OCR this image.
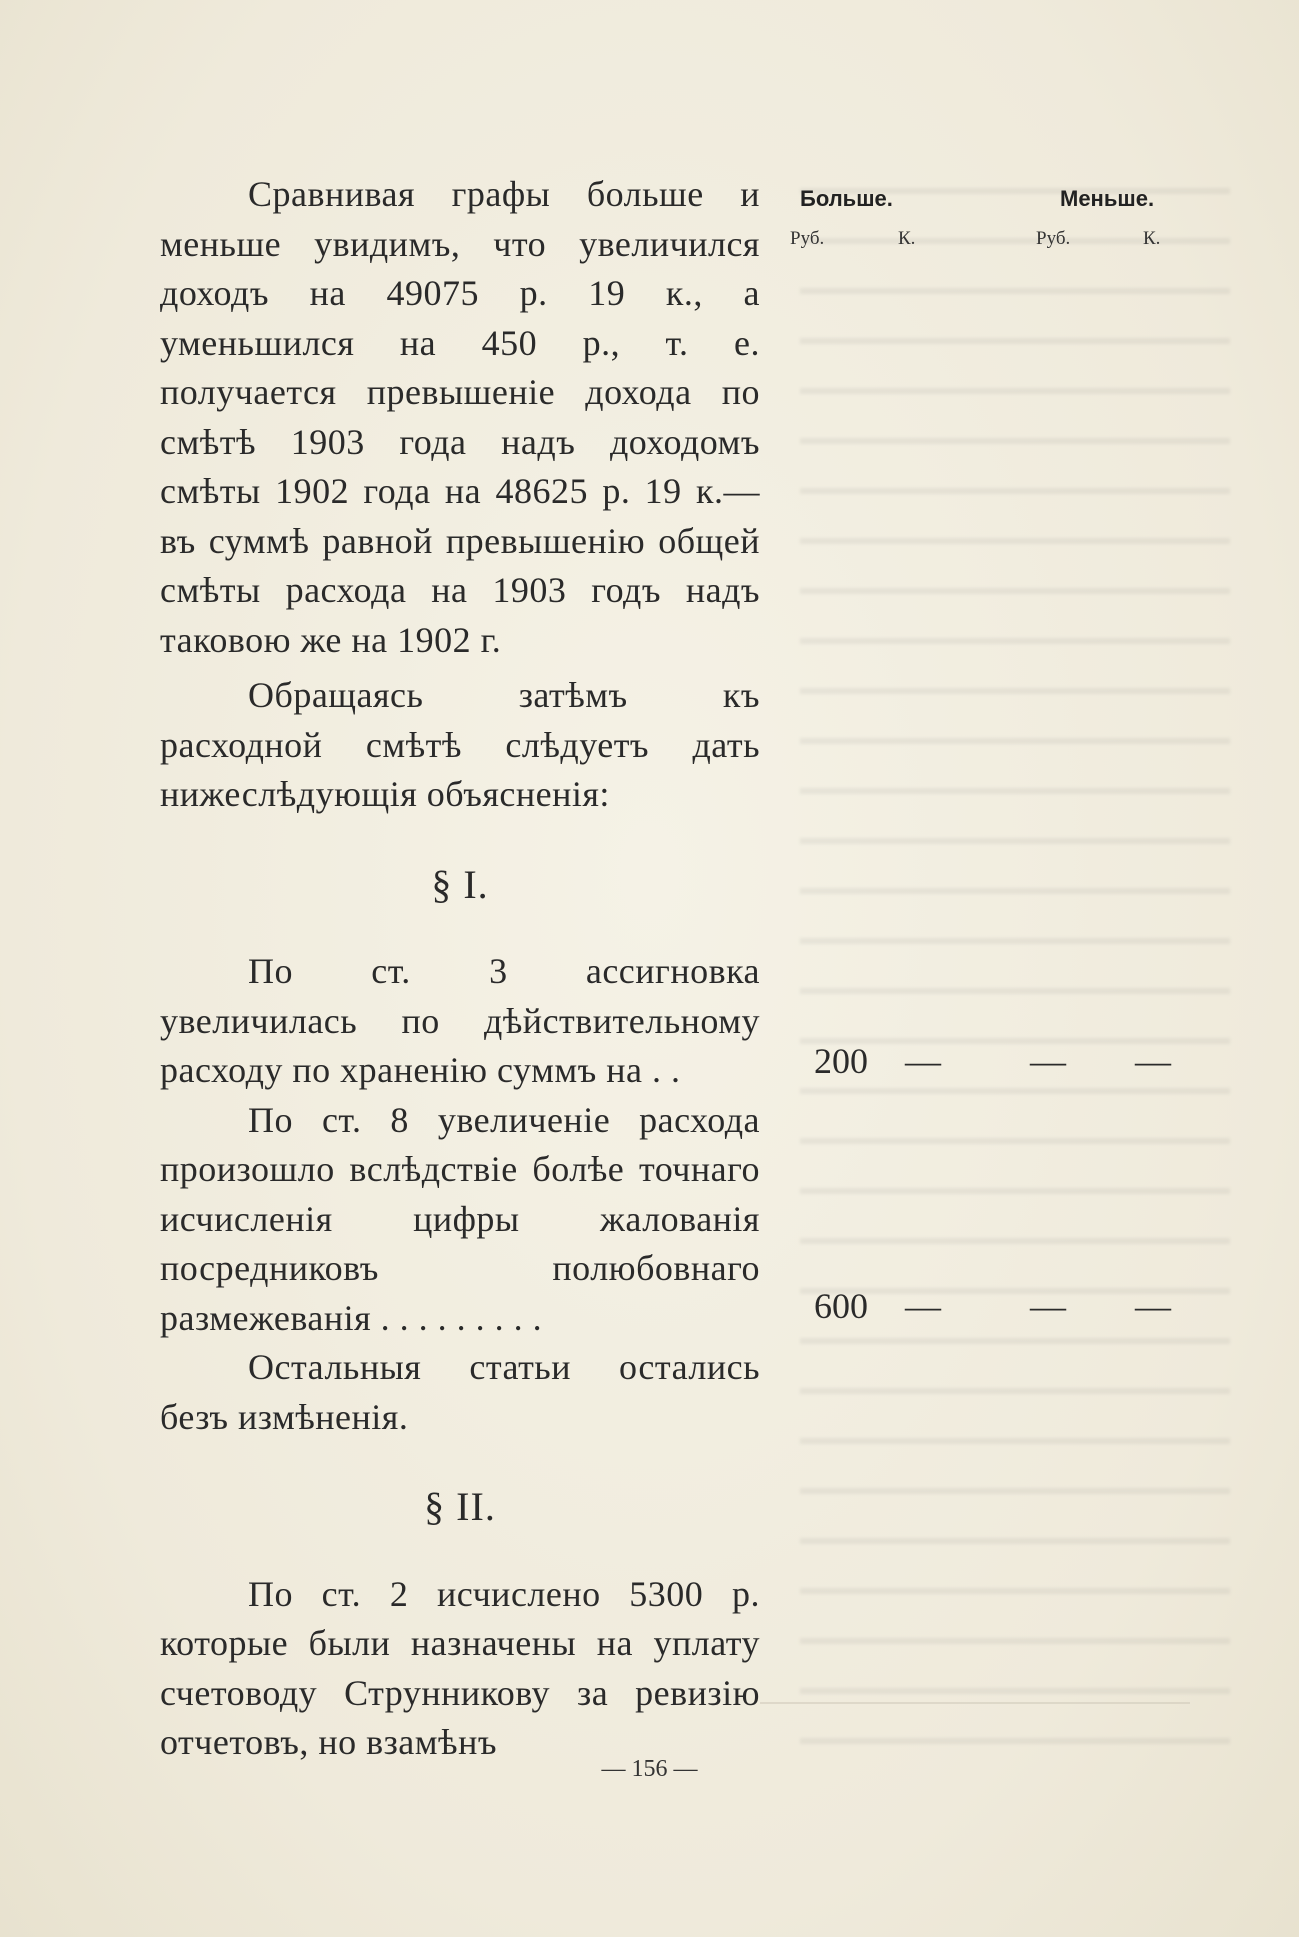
Больше.	Меньше.
Руб.	К.	Руб.	К.

Сравнивая графы больше и меньше увидимъ, что увеличился доходъ на 49075 р. 19 к., а уменьшился на 450 р., т. е. получается превышеніе дохода по смѣтѣ 1903 года надъ доходомъ смѣты 1902 года на 48625 р. 19 к.—въ суммѣ равной превышенію общей смѣты расхода на 1903 годъ надъ таковою же на 1902 г.

Обращаясь затѣмъ къ расходной смѣтѣ слѣдуетъ дать нижеслѣдующія объясненія:

§ I.

По ст. 3 ассигновка увеличилась по дѣйствительному расходу по храненію суммъ на . .

По ст. 8 увеличеніе расхода произошло вслѣдствіе болѣе точнаго исчисленія цифры жалованія посредниковъ полюбовнаго размежеванія . . . . . . . . .

Остальныя статьи остались безъ измѣненія.

§ II.

По ст. 2 исчислено 5300 р. которые были назначены на уплату счетоводу Струнникову за ревизію отчетовъ, но взамѣнъ

200 — — —
600 — — —
— 156 —
